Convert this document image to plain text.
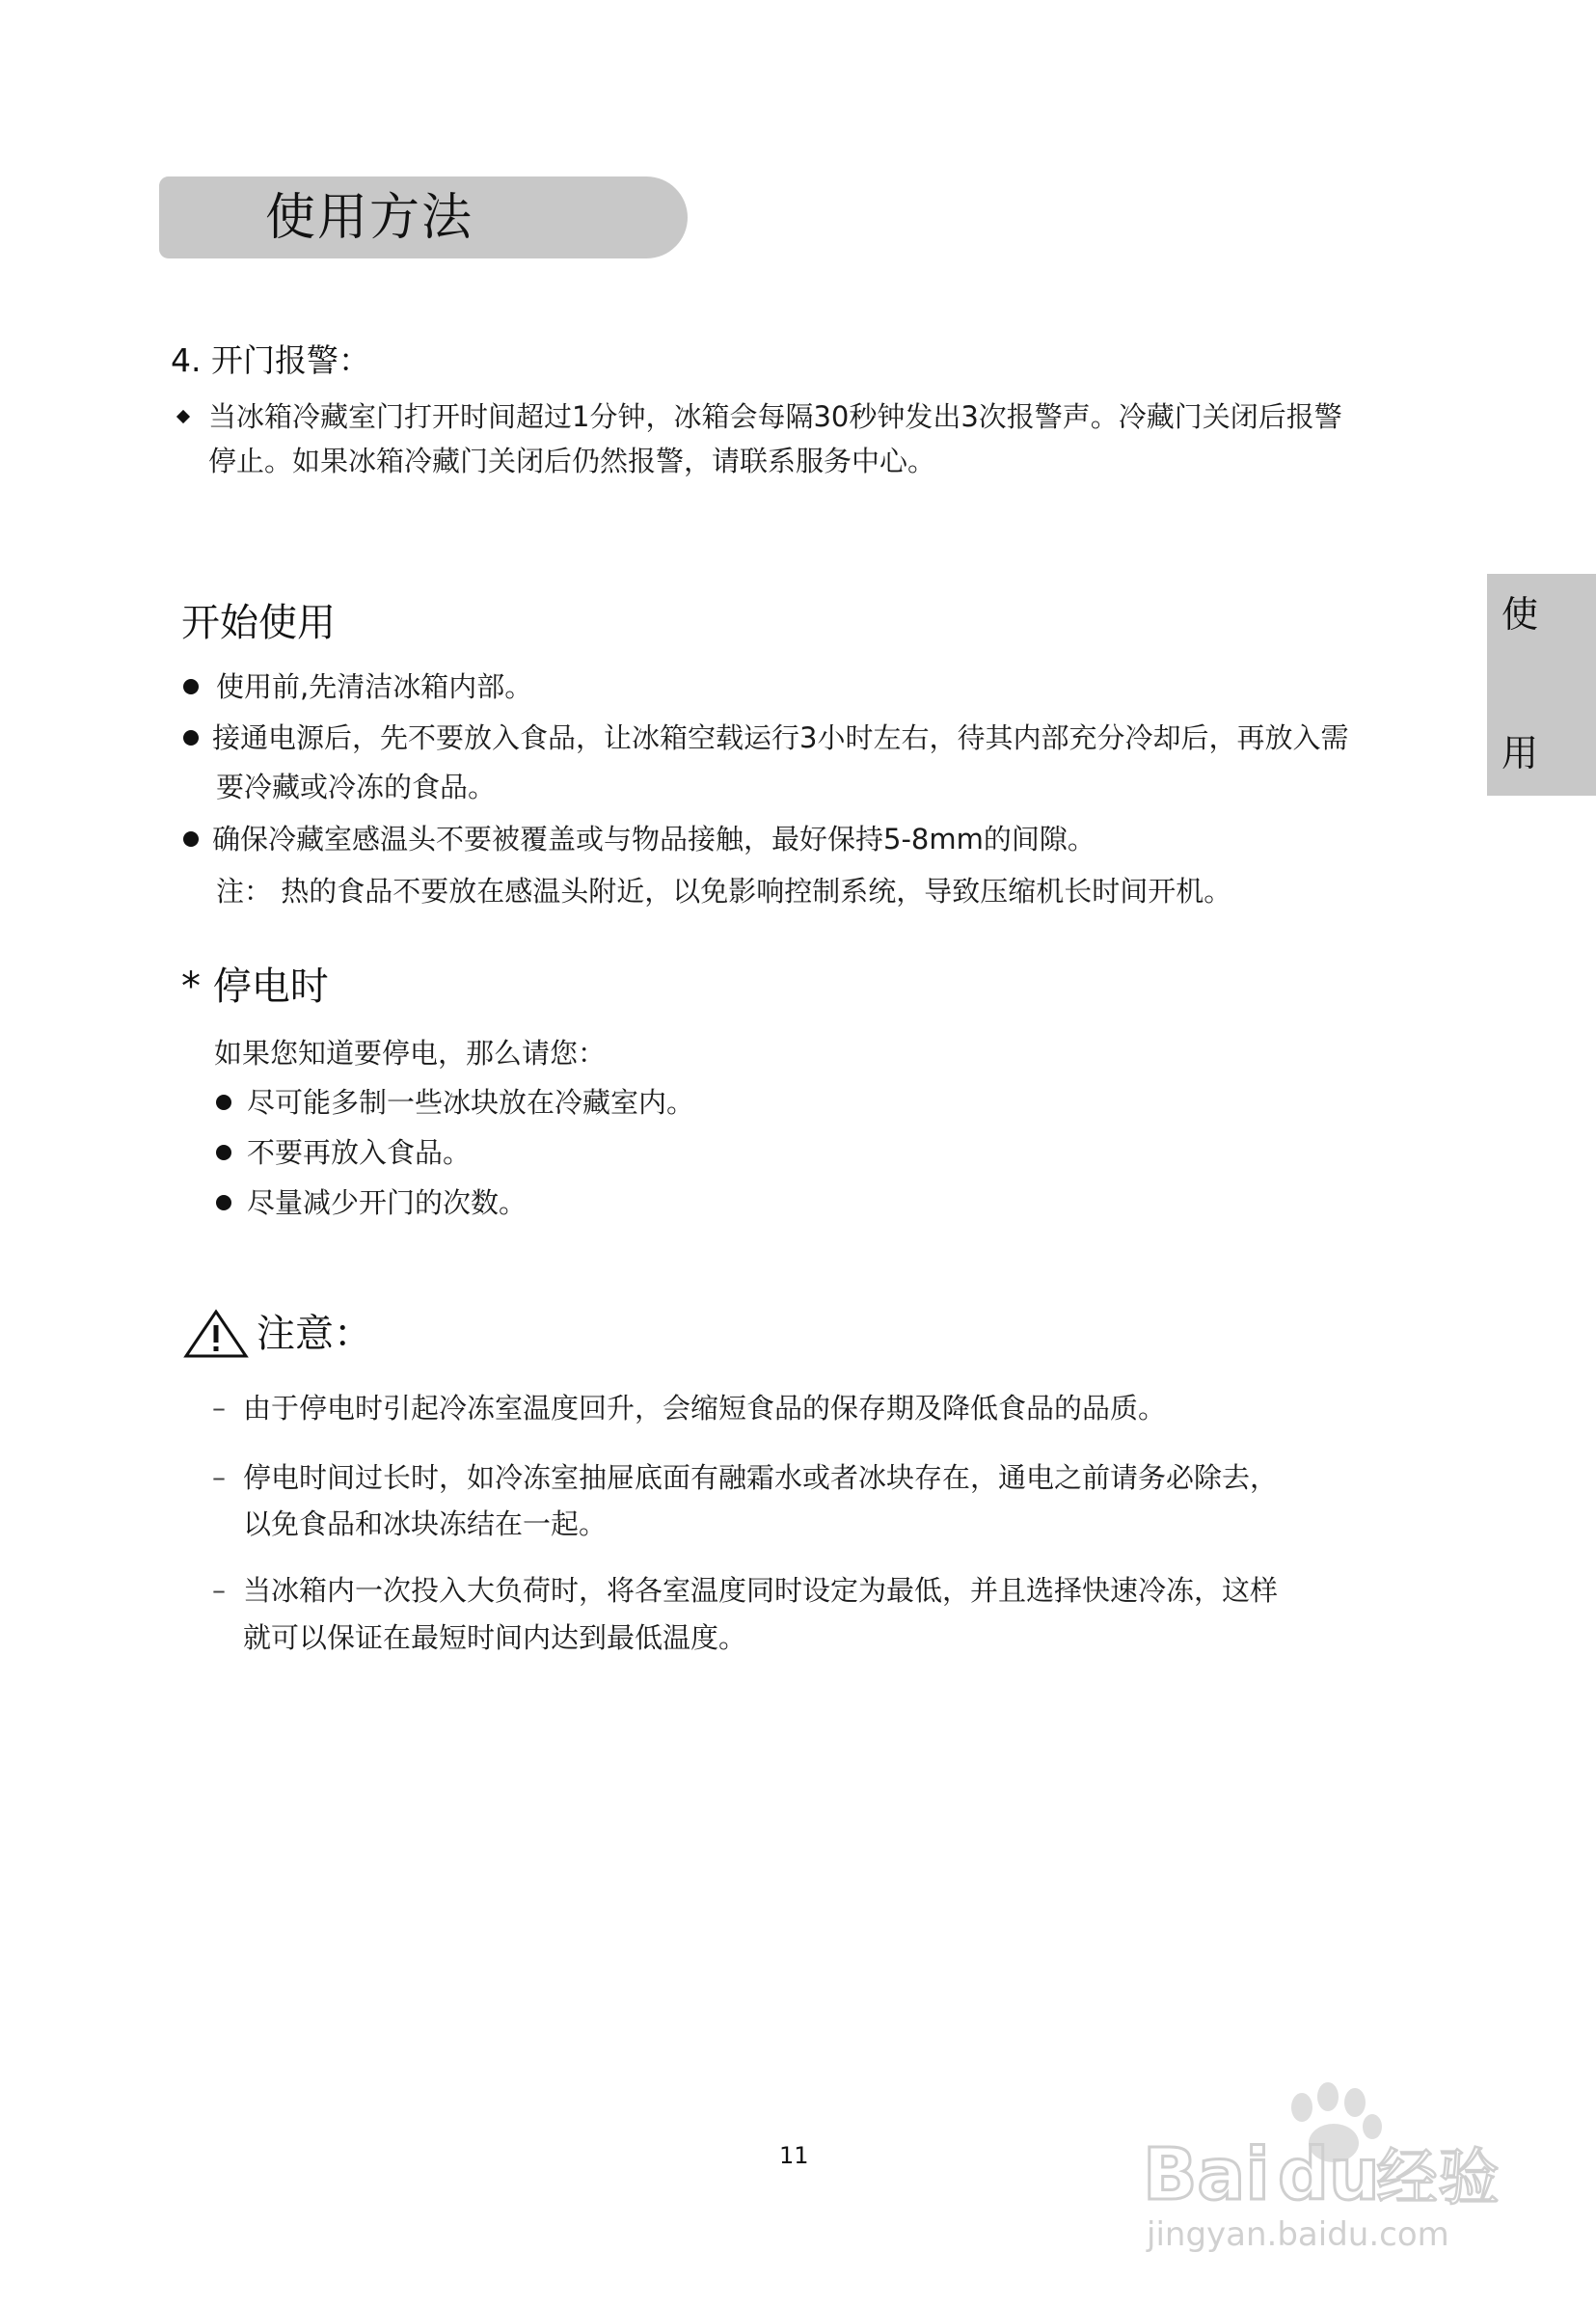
使用方法
使
用
4. 开门报警：
当冰箱冷藏室门打开时间超过1分钟，冰箱会每隔30秒钟发出3次报警声。冷藏门关闭后报警
停止。如果冰箱冷藏门关闭后仍然报警，请联系服务中心。
开始使用
使用前,先清洁冰箱内部。
接通电源后，先不要放入食品，让冰箱空载运行3小时左右，待其内部充分冷却后，再放入需
要冷藏或冷冻的食品。
确保冷藏室感温头不要被覆盖或与物品接触，最好保持5-8mm的间隙。
注： 热的食品不要放在感温头附近，以免影响控制系统，导致压缩机长时间开机。
* 停电时
如果您知道要停电，那么请您：
尽可能多制一些冰块放在冷藏室内。
不要再放入食品。
尽量减少开门的次数。
注意：
– 由于停电时引起冷冻室温度回升，会缩短食品的保存期及降低食品的品质。
– 停电时间过长时，如冷冻室抽屉底面有融霜水或者冰块存在，通电之前请务必除去，
以免食品和冰块冻结在一起。
– 当冰箱内一次投入大负荷时，将各室温度同时设定为最低，并且选择快速冷冻，这样
就可以保证在最短时间内达到最低温度。
11	Bai du
经验
jingyan.baidu.com
